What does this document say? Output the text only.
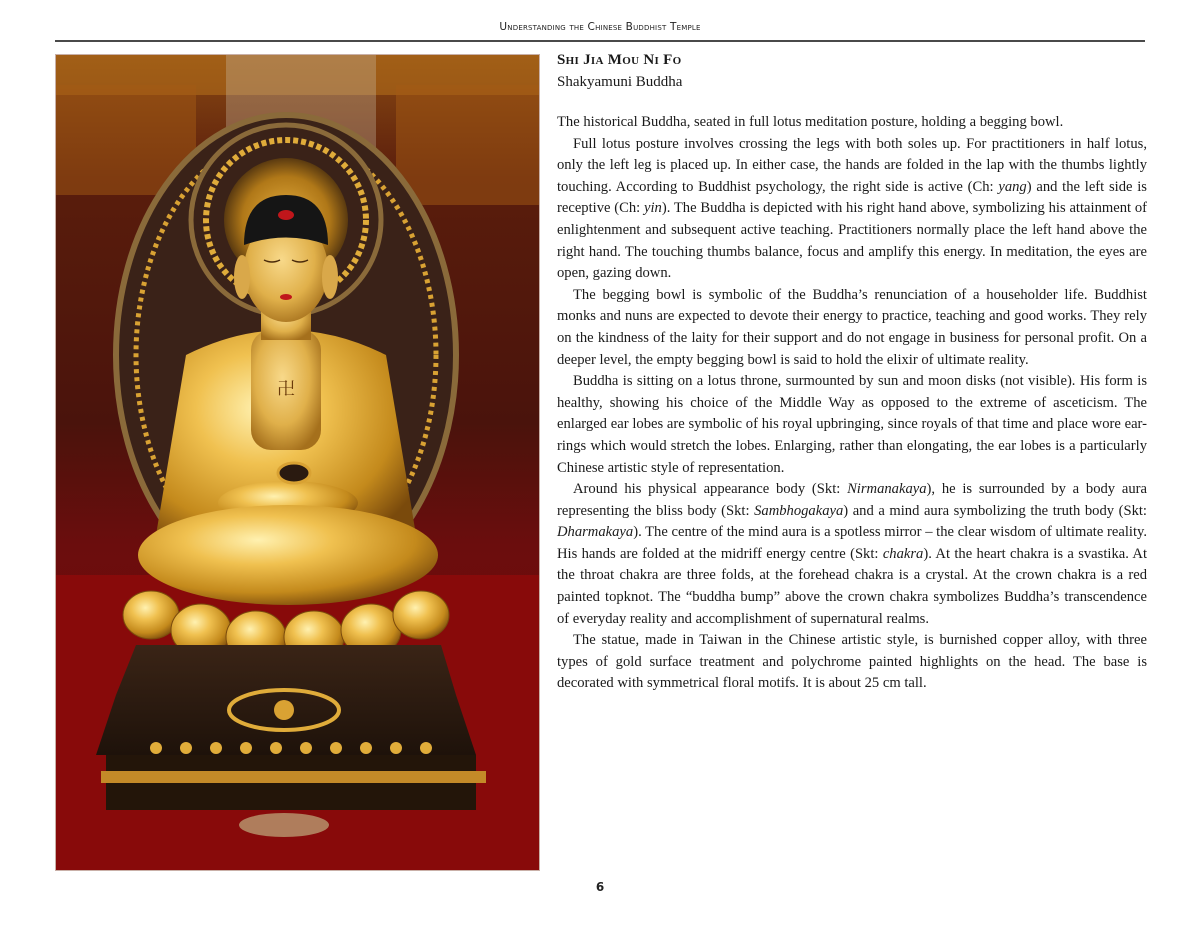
Understanding the Chinese Buddhist Temple
卍
Shi Jia Mou Ni Fo
Shakyamuni Buddha

The historical Buddha, seated in full lotus meditation posture, holding a begging bowl.

Full lotus posture involves crossing the legs with both soles up. For practitioners in half lotus, only the left leg is placed up. In either case, the hands are folded in the lap with the thumbs lightly touching. According to Buddhist psychology, the right side is active (Ch: yang) and the left side is receptive (Ch: yin). The Buddha is depicted with his right hand above, symbolizing his attainment of enlightenment and subsequent active teaching. Practitioners normally place the left hand above the right hand. The touching thumbs balance, focus and amplify this energy. In meditation, the eyes are open, gazing down.

The begging bowl is symbolic of the Buddha’s renunciation of a householder life. Buddhist monks and nuns are expected to devote their energy to practice, teaching and good works. They rely on the kindness of the laity for their support and do not engage in business for personal profit. On a deeper level, the empty begging bowl is said to hold the elixir of ultimate reality.

Buddha is sitting on a lotus throne, surmounted by sun and moon disks (not visible). His form is healthy, showing his choice of the Middle Way as opposed to the extreme of asceticism. The enlarged ear lobes are symbolic of his royal upbringing, since royals of that time and place wore ear-rings which would stretch the lobes. Enlarging, rather than elongating, the ear lobes is a particularly Chinese artistic style of representation.

Around his physical appearance body (Skt: Nirmanakaya), he is surrounded by a body aura representing the bliss body (Skt: Sambhogakaya) and a mind aura symbolizing the truth body (Skt: Dharmakaya). The centre of the mind aura is a spotless mirror – the clear wisdom of ultimate reality. His hands are folded at the midriff energy centre (Skt: chakra). At the heart chakra is a svastika. At the throat chakra are three folds, at the forehead chakra is a crystal. At the crown chakra is a red painted topknot. The “buddha bump” above the crown chakra symbolizes Buddha’s transcendence of everyday reality and accomplishment of supernatural realms.

The statue, made in Taiwan in the Chinese artistic style, is burnished copper alloy, with three types of gold surface treatment and polychrome painted highlights on the head. The base is decorated with symmetrical floral motifs. It is about 25 cm tall.

6
